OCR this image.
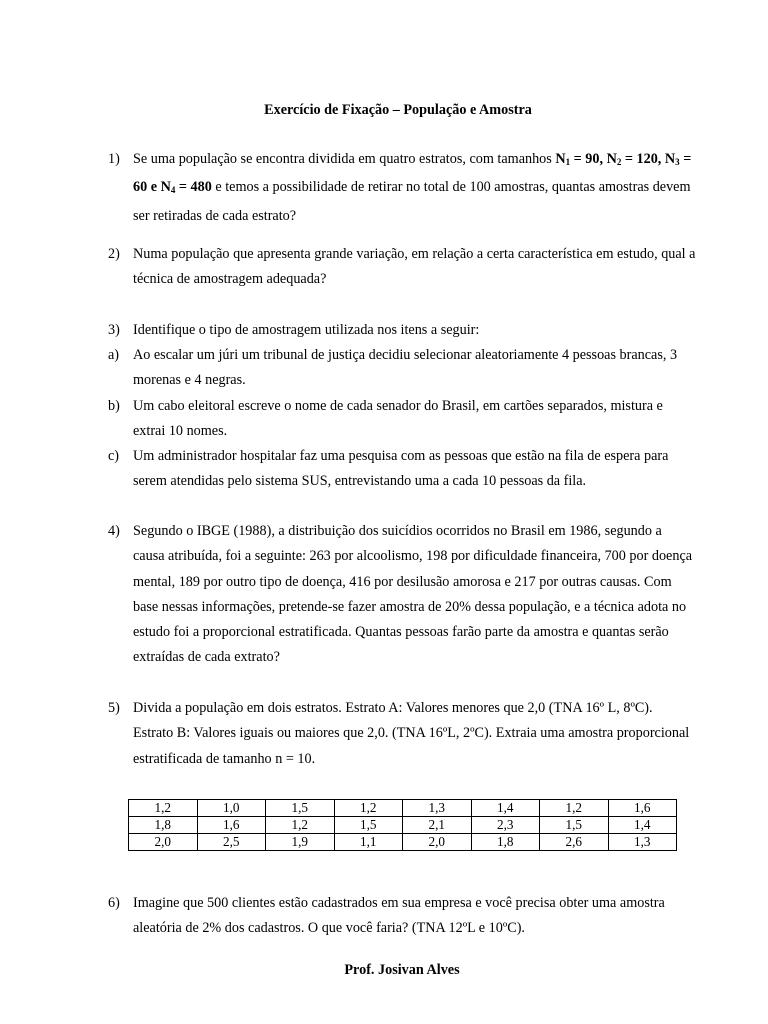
Exercício de Fixação – População e Amostra
1) Se uma população se encontra dividida em quatro estratos, com tamanhos $N_1 = 90$, $N_2 = 120$, $N_3 = 60$ e $N_4 = 480$ e temos a possibilidade de retirar no total de 100 amostras, quantas amostras devem ser retiradas de cada estrato?

2) Numa população que apresenta grande variação, em relação a certa característica em estudo, qual a técnica de amostragem adequada?

3) Identifique o tipo de amostragem utilizada nos itens a seguir:

a) Ao escalar um júri um tribunal de justiça decidiu selecionar aleatoriamente 4 pessoas brancas, 3 morenas e 4 negras.

b) Um cabo eleitoral escreve o nome de cada senador do Brasil, em cartões separados, mistura e extrai 10 nomes.

c) Um administrador hospitalar faz uma pesquisa com as pessoas que estão na fila de espera para serem atendidas pelo sistema SUS, entrevistando uma a cada 10 pessoas da fila.

4) Segundo o IBGE (1988), a distribuição dos suicídios ocorridos no Brasil em 1986, segundo a causa atribuída, foi a seguinte: 263 por alcoolismo, 198 por dificuldade financeira, 700 por doença mental, 189 por outro tipo de doença, 416 por desilusão amorosa e 217 por outras causas. Com base nessas informações, pretende-se fazer amostra de 20% dessa população, e a técnica adota no estudo foi a proporcional estratificada. Quantas pessoas farão parte da amostra e quantas serão extraídas de cada extrato?

5) Divida a população em dois estratos. Estrato A: Valores menores que 2,0 (TNA 16º L, 8ºC). Estrato B: Valores iguais ou maiores que 2,0. (TNA 16ºL, 2ºC). Extraia uma amostra proporcional estratificada de tamanho n = 10.

1,2	1,0	1,5	1,2	1,3	1,4	1,2	1,6
1,8	1,6	1,2	1,5	2,1	2,3	1,5	1,4
2,0	2,5	1,9	1,1	2,0	1,8	2,6	1,3
6) Imagine que 500 clientes estão cadastrados em sua empresa e você precisa obter uma amostra aleatória de 2% dos cadastros. O que você faria? (TNA 12ºL e 10ºC).

Prof. Josivan Alves
